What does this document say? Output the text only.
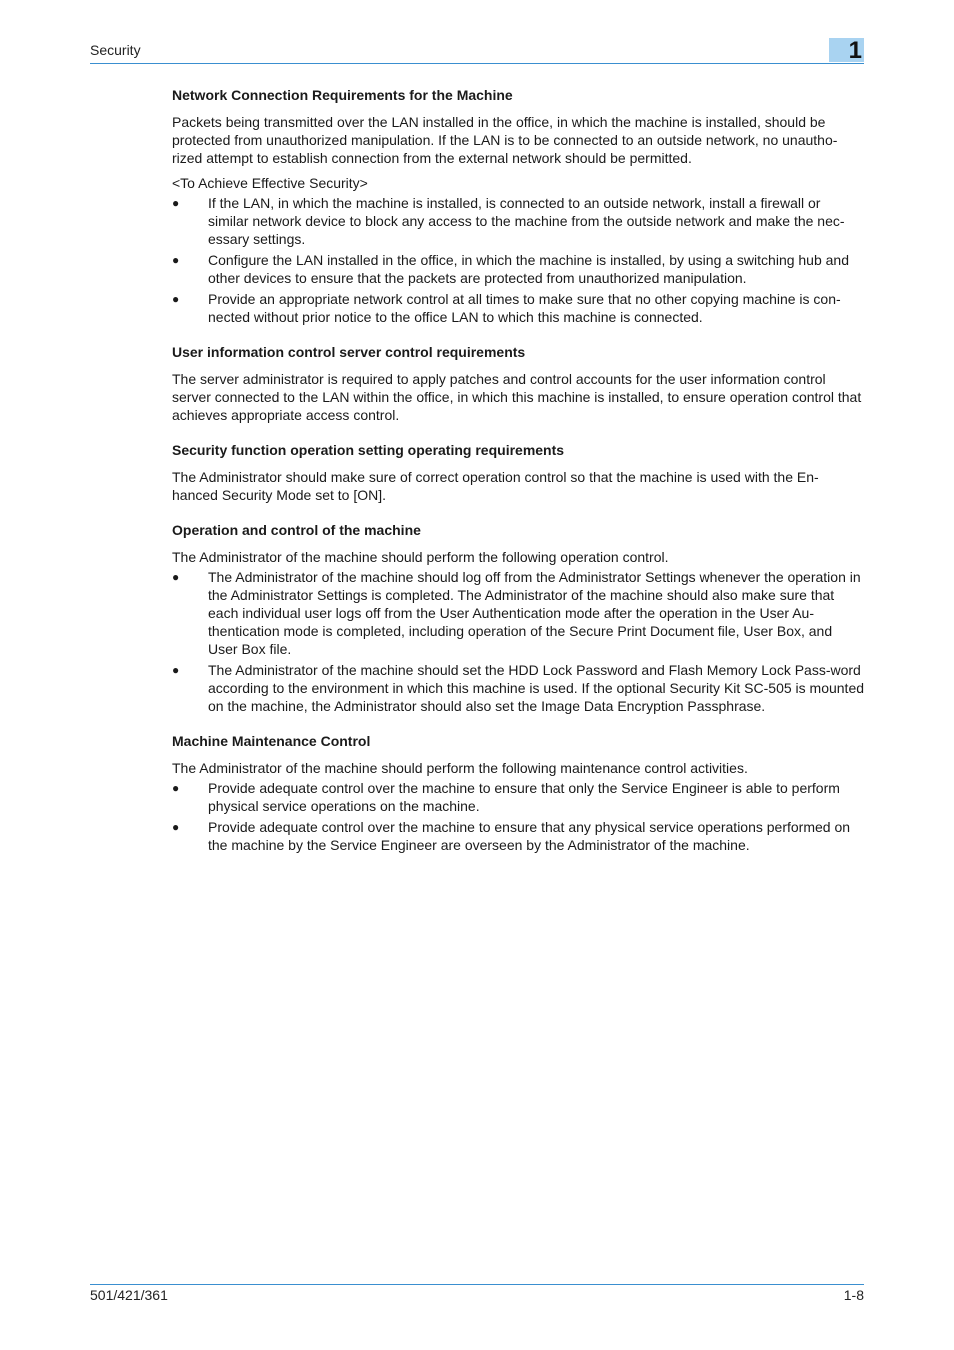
Security	1
Network Connection Requirements for the Machine
Packets being transmitted over the LAN installed in the office, in which the machine is installed, should be protected from unauthorized manipulation. If the LAN is to be connected to an outside network, no unautho-rized attempt to establish connection from the external network should be permitted.
<To Achieve Effective Security>
● If the LAN, in which the machine is installed, is connected to an outside network, install a firewall or similar network device to block any access to the machine from the outside network and make the nec-essary settings.
● Configure the LAN installed in the office, in which the machine is installed, by using a switching hub and other devices to ensure that the packets are protected from unauthorized manipulation.
● Provide an appropriate network control at all times to make sure that no other copying machine is con-nected without prior notice to the office LAN to which this machine is connected.
User information control server control requirements
The server administrator is required to apply patches and control accounts for the user information control server connected to the LAN within the office, in which this machine is installed, to ensure operation control that achieves appropriate access control.
Security function operation setting operating requirements
The Administrator should make sure of correct operation control so that the machine is used with the En-hanced Security Mode set to [ON].
Operation and control of the machine
The Administrator of the machine should perform the following operation control.
● The Administrator of the machine should log off from the Administrator Settings whenever the operation in the Administrator Settings is completed. The Administrator of the machine should also make sure that each individual user logs off from the User Authentication mode after the operation in the User Au-thentication mode is completed, including operation of the Secure Print Document file, User Box, and User Box file.
● The Administrator of the machine should set the HDD Lock Password and Flash Memory Lock Pass-word according to the environment in which this machine is used. If the optional Security Kit SC-505 is mounted on the machine, the Administrator should also set the Image Data Encryption Passphrase.
Machine Maintenance Control
The Administrator of the machine should perform the following maintenance control activities.
● Provide adequate control over the machine to ensure that only the Service Engineer is able to perform physical service operations on the machine.
● Provide adequate control over the machine to ensure that any physical service operations performed on the machine by the Service Engineer are overseen by the Administrator of the machine.
501/421/361	1-8
